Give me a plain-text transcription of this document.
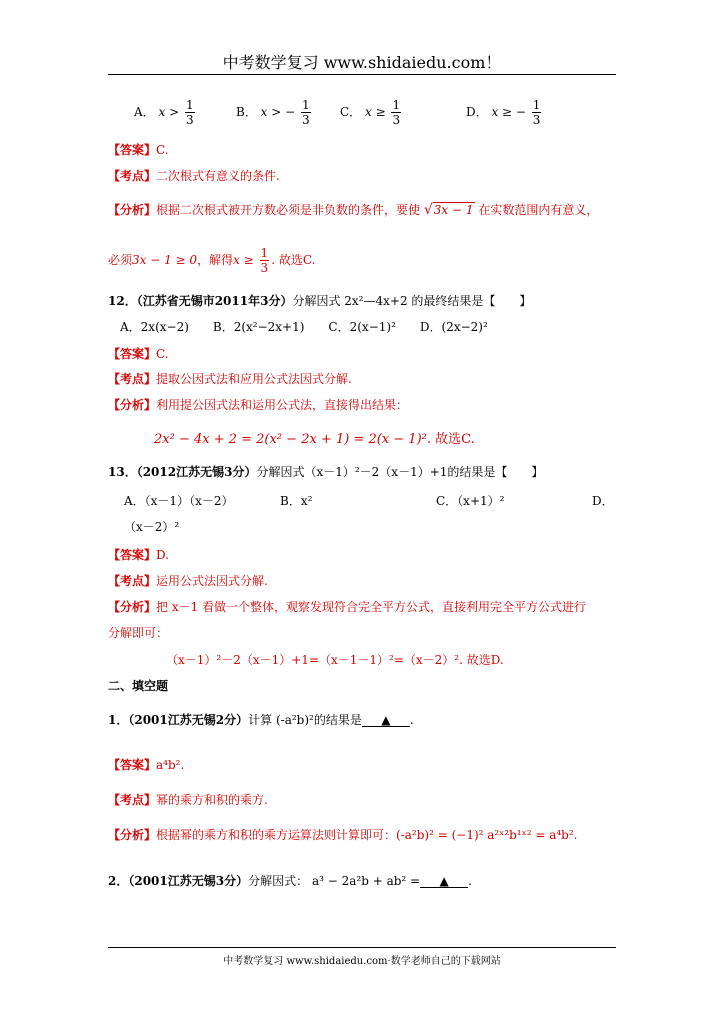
中考数学复习 www.shidaiedu.com！
A． $x > \frac{1}{3}$	B． x > − $\frac{1}{3}$ C． $x \ge \frac{1}{3}$	D． x ≥ − $\frac{1}{3}$
【答案】C.
【考点】二次根式有意义的条件.
【分析】根据二次根式被开方数必须是非负数的条件，要使 √3x − 1 在实数范围内有意义，
必须3x − 1 ≥ 0，解得$x \ge \frac{1}{3}$ . 故选C.
12．（江苏省无锡市2011年3分）分解因式 2x²—4x+2 的最终结果是【　　】
A．2x(x−2)　　B．2(x²−2x+1)　　C．2(x−1)²　　D．(2x−2)²
【答案】C.
【考点】提取公因式法和应用公式法因式分解.
【分析】利用提公因式法和运用公式法，直接得出结果：
2x² − 4x + 2 = 2(x² − 2x + 1) = 2(x − 1)². 故选C.
13．（2012江苏无锡3分）分解因式（x－1）²－2（x－1）+1的结果是【　　】
A．（x－1）（x－2）	B．x²	C．（x+1）²	D．
（x－2）²
【答案】D.
【考点】运用公式法因式分解.
【分析】把 x－1 看做一个整体，观察发现符合完全平方公式，直接利用完全平方公式进行
分解即可：
（x－1）²－2（x－1）+1=（x－1－1）²=（x－2）². 故选D.
二、填空题
1．（2001江苏无锡2分）计算 (-a²b)²的结果是 ▲ .
【答案】a⁴b².
【考点】幂的乘方和积的乘方.
【分析】根据幂的乘方和积的乘方运算法则计算即可：(-a²b)² = (−1)² a²ˣ²b¹ˣ² = a⁴b².
2．（2001江苏无锡3分）分解因式： a³ − 2a²b + ab² = ▲ .
中考数学复习 www.shidaiedu.com·数学老师自己的下载网站
